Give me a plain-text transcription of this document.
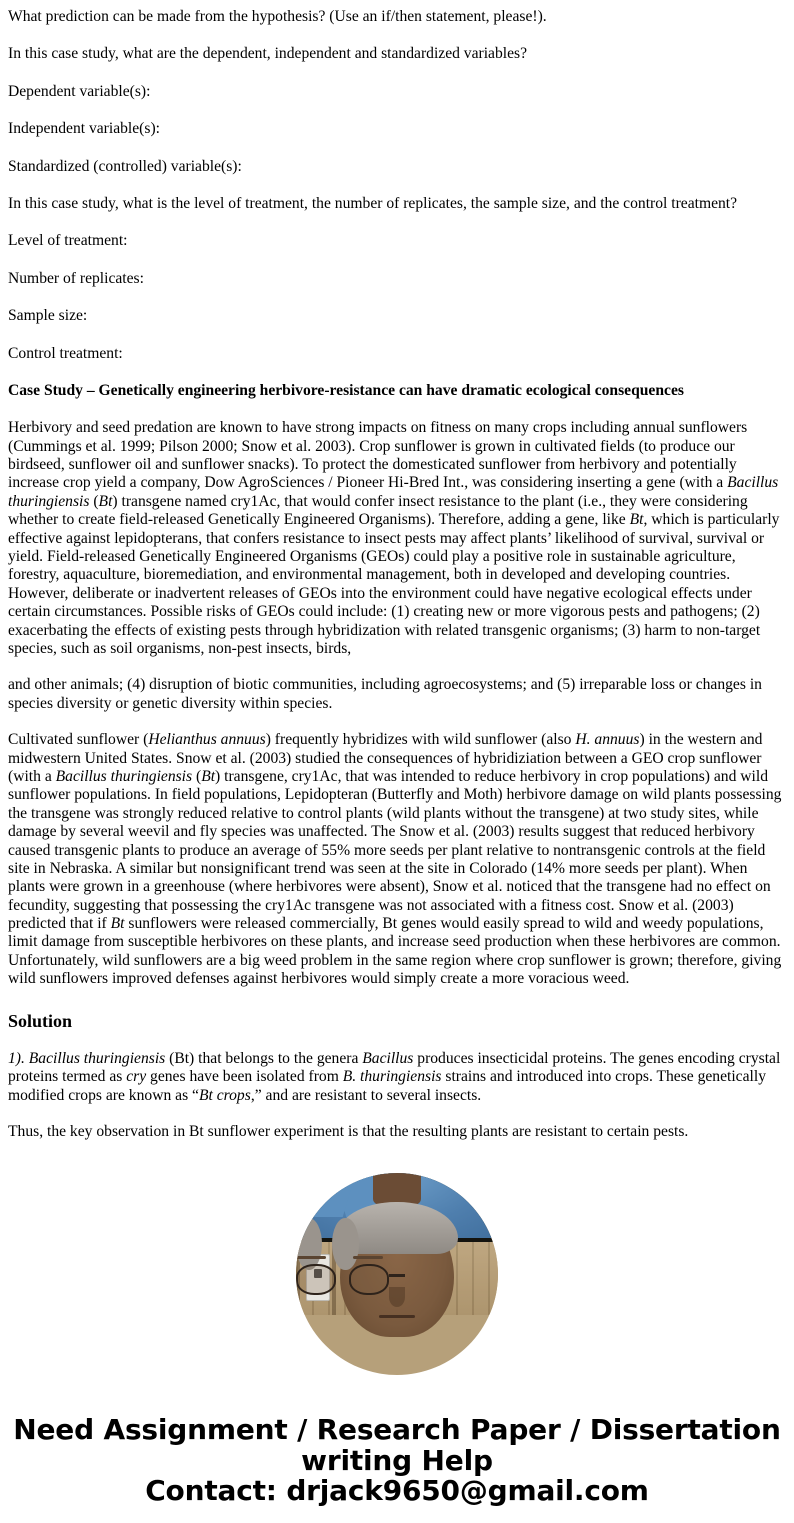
What prediction can be made from the hypothesis? (Use an if/then statement, please!).

In this case study, what are the dependent, independent and standardized variables?

Dependent variable(s):

Independent variable(s):

Standardized (controlled) variable(s):

In this case study, what is the level of treatment, the number of replicates, the sample size, and the control treatment?

Level of treatment:

Number of replicates:

Sample size:

Control treatment:

Case Study – Genetically engineering herbivore-resistance can have dramatic ecological consequences

Herbivory and seed predation are known to have strong impacts on fitness on many crops including annual sunflowers (Cummings et al. 1999; Pilson 2000; Snow et al. 2003). Crop sunflower is grown in cultivated fields (to produce our birdseed, sunflower oil and sunflower snacks). To protect the domesticated sunflower from herbivory and potentially increase crop yield a company, Dow AgroSciences / Pioneer Hi-Bred Int., was considering inserting a gene (with a Bacillus thuringiensis (Bt) transgene named cry1Ac, that would confer insect resistance to the plant (i.e., they were considering whether to create field-released Genetically Engineered Organisms). Therefore, adding a gene, like Bt, which is particularly effective against lepidopterans, that confers resistance to insect pests may affect plants’ likelihood of survival, survival or yield. Field-released Genetically Engineered Organisms (GEOs) could play a positive role in sustainable agriculture, forestry, aquaculture, bioremediation, and environmental management, both in developed and developing countries. However, deliberate or inadvertent releases of GEOs into the environment could have negative ecological effects under certain circumstances. Possible risks of GEOs could include: (1) creating new or more vigorous pests and pathogens; (2) exacerbating the effects of existing pests through hybridization with related transgenic organisms; (3) harm to non-target species, such as soil organisms, non-pest insects, birds,

and other animals; (4) disruption of biotic communities, including agroecosystems; and (5) irreparable loss or changes in species diversity or genetic diversity within species.

Cultivated sunflower (Helianthus annuus) frequently hybridizes with wild sunflower (also H. annuus) in the western and midwestern United States. Snow et al. (2003) studied the consequences of hybridiziation between a GEO crop sunflower (with a Bacillus thuringiensis (Bt) transgene, cry1Ac, that was intended to reduce herbivory in crop populations) and wild sunflower populations. In field populations, Lepidopteran (Butterfly and Moth) herbivore damage on wild plants possessing the transgene was strongly reduced relative to control plants (wild plants without the transgene) at two study sites, while damage by several weevil and fly species was unaffected. The Snow et al. (2003) results suggest that reduced herbivory caused transgenic plants to produce an average of 55% more seeds per plant relative to nontransgenic controls at the field site in Nebraska. A similar but nonsignificant trend was seen at the site in Colorado (14% more seeds per plant). When plants were grown in a greenhouse (where herbivores were absent), Snow et al. noticed that the transgene had no effect on fecundity, suggesting that possessing the cry1Ac transgene was not associated with a fitness cost. Snow et al. (2003) predicted that if Bt sunflowers were released commercially, Bt genes would easily spread to wild and weedy populations, limit damage from susceptible herbivores on these plants, and increase seed production when these herbivores are common. Unfortunately, wild sunflowers are a big weed problem in the same region where crop sunflower is grown; therefore, giving wild sunflowers improved defenses against herbivores would simply create a more voracious weed.

Solution

1). Bacillus thuringiensis (Bt) that belongs to the genera Bacillus produces insecticidal proteins. The genes encoding crystal proteins termed as cry genes have been isolated from B. thuringiensis strains and introduced into crops. These genetically modified crops are known as “Bt crops,” and are resistant to several insects.

Thus, the key observation in Bt sunflower experiment is that the resulting plants are resistant to certain pests.

Need Assignment / Research Paper / Dissertation
writing Help
Contact: drjack9650@gmail.com
